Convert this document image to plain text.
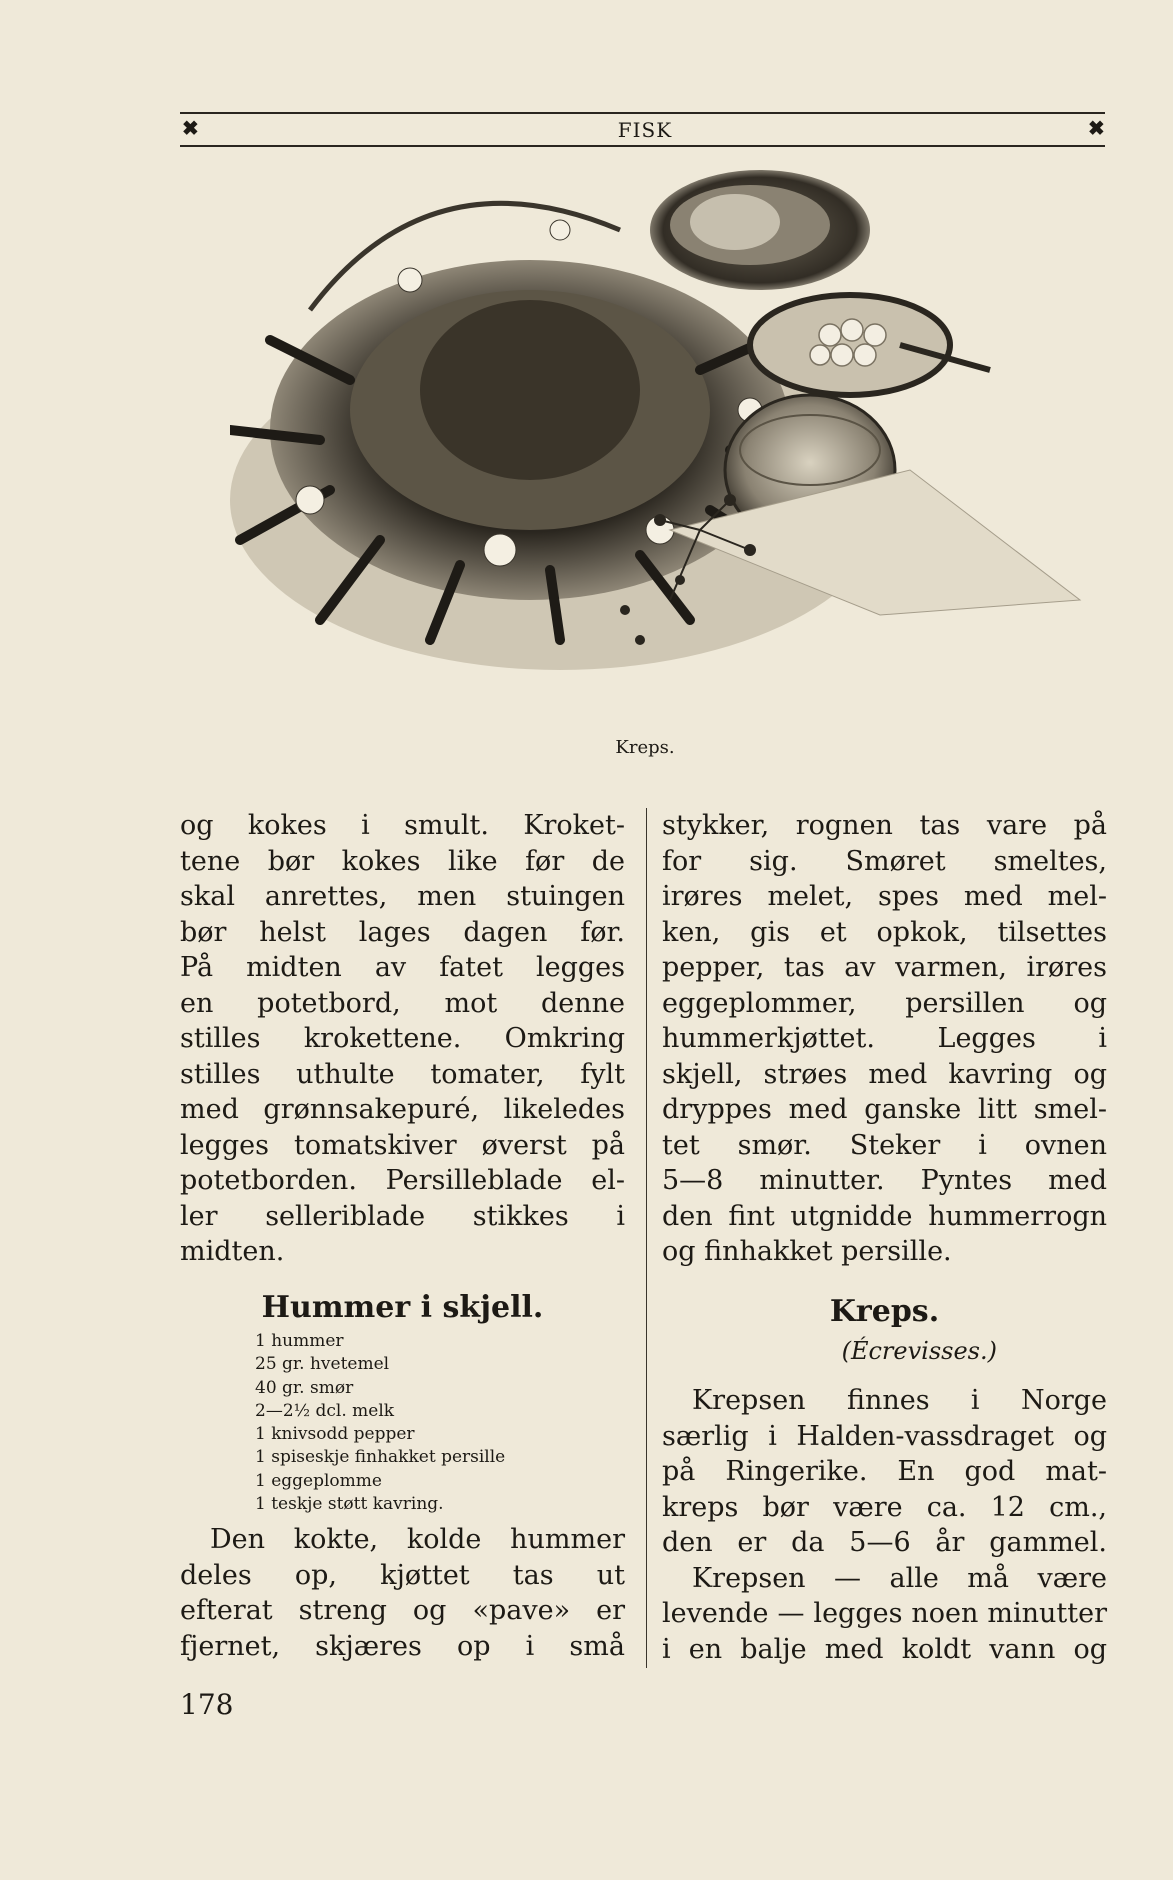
✖	FISK	✖
Kreps.
og kokes i smult. Kroket-
tene bør kokes like før de
skal anrettes, men stuingen
bør helst lages dagen før.
På midten av fatet legges
en potetbord, mot denne
stilles krokettene. Omkring
stilles uthulte tomater, fylt
med grønnsakepuré, likeledes
legges tomatskiver øverst på
potetborden. Persilleblade el-
ler selleriblade stikkes i
midten.
stykker, rognen tas vare på
for sig. Smøret smeltes,
irøres melet, spes med mel-
ken, gis et opkok, tilsettes
pepper, tas av varmen, irøres
eggeplommer, persillen og
hummerkjøttet. Legges i
skjell, strøes med kavring og
dryppes med ganske litt smel-
tet smør. Steker i ovnen
5—8 minutter. Pyntes med
den fint utgnidde hummerrogn
og finhakket persille.
Hummer i skjell.
1 hummer
25 gr. hvetemel
40 gr. smør
2—2½ dcl. melk
1 knivsodd pepper
1 spiseskje finhakket persille
1 eggeplomme
1 teskje støtt kavring.
Den kokte, kolde hummer
deles op, kjøttet tas ut
efterat streng og «pave» er
fjernet, skjæres op i små
Kreps.
(Écrevisses.)
Krepsen finnes i Norge
særlig i Halden-vassdraget og
på Ringerike. En god mat-
kreps bør være ca. 12 cm.,
den er da 5—6 år gammel.
Krepsen — alle må være
levende — legges noen minutter
i en balje med koldt vann og
178
